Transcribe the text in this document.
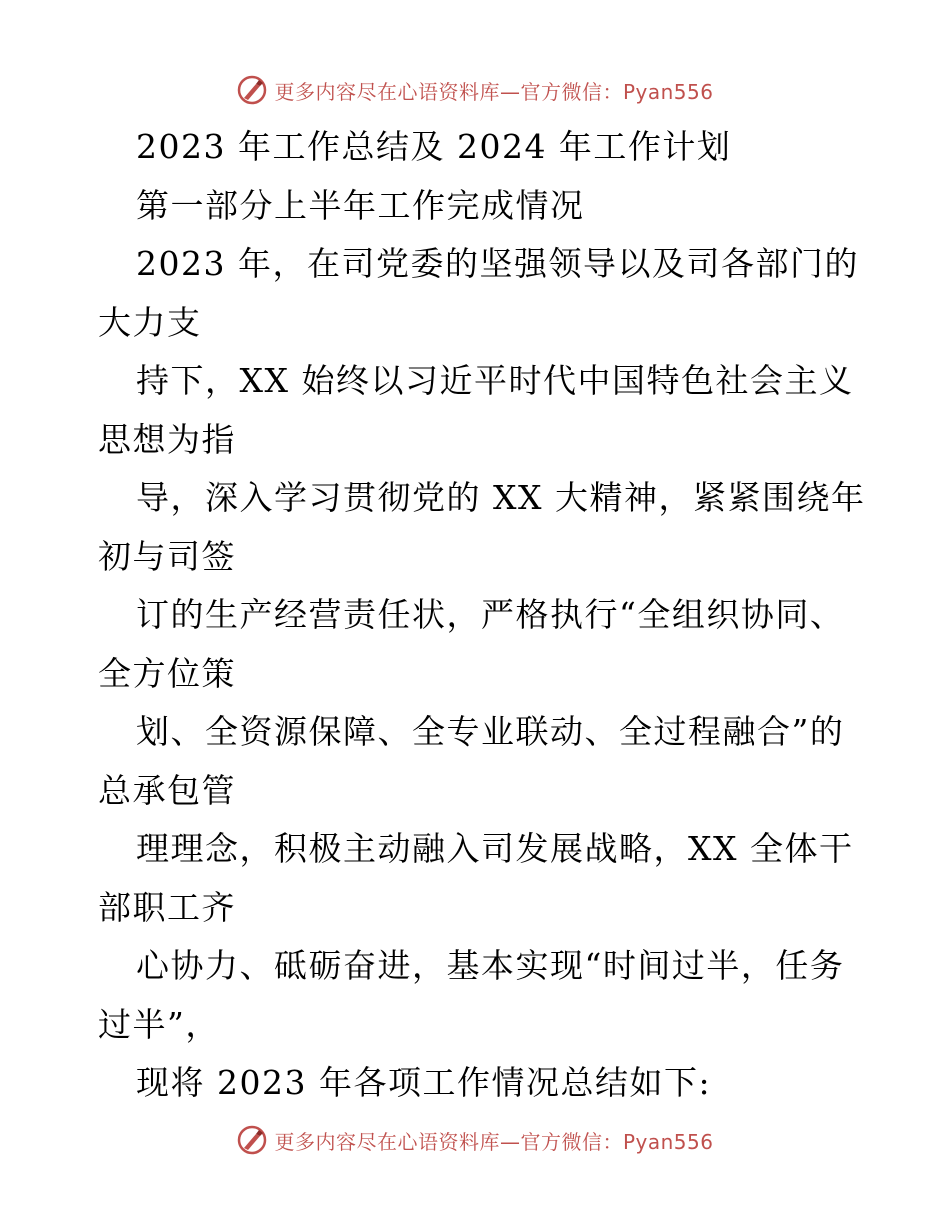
更多内容尽在心语资料库—官方微信：Pyan556
2023 年工作总结及 2024 年工作计划
第一部分上半年工作完成情况
2023 年，在司党委的坚强领导以及司各部门的
大力支
持下，XX 始终以习近平时代中国特色社会主义
思想为指
导，深入学习贯彻党的 XX 大精神，紧紧围绕年
初与司签
订的生产经营责任状，严格执行“全组织协同、
全方位策
划、全资源保障、全专业联动、全过程融合”的
总承包管
理理念，积极主动融入司发展战略，XX 全体干
部职工齐
心协力、砥砺奋进，基本实现“时间过半，任务
过半”，
现将 2023 年各项工作情况总结如下:
更多内容尽在心语资料库—官方微信：Pyan556
